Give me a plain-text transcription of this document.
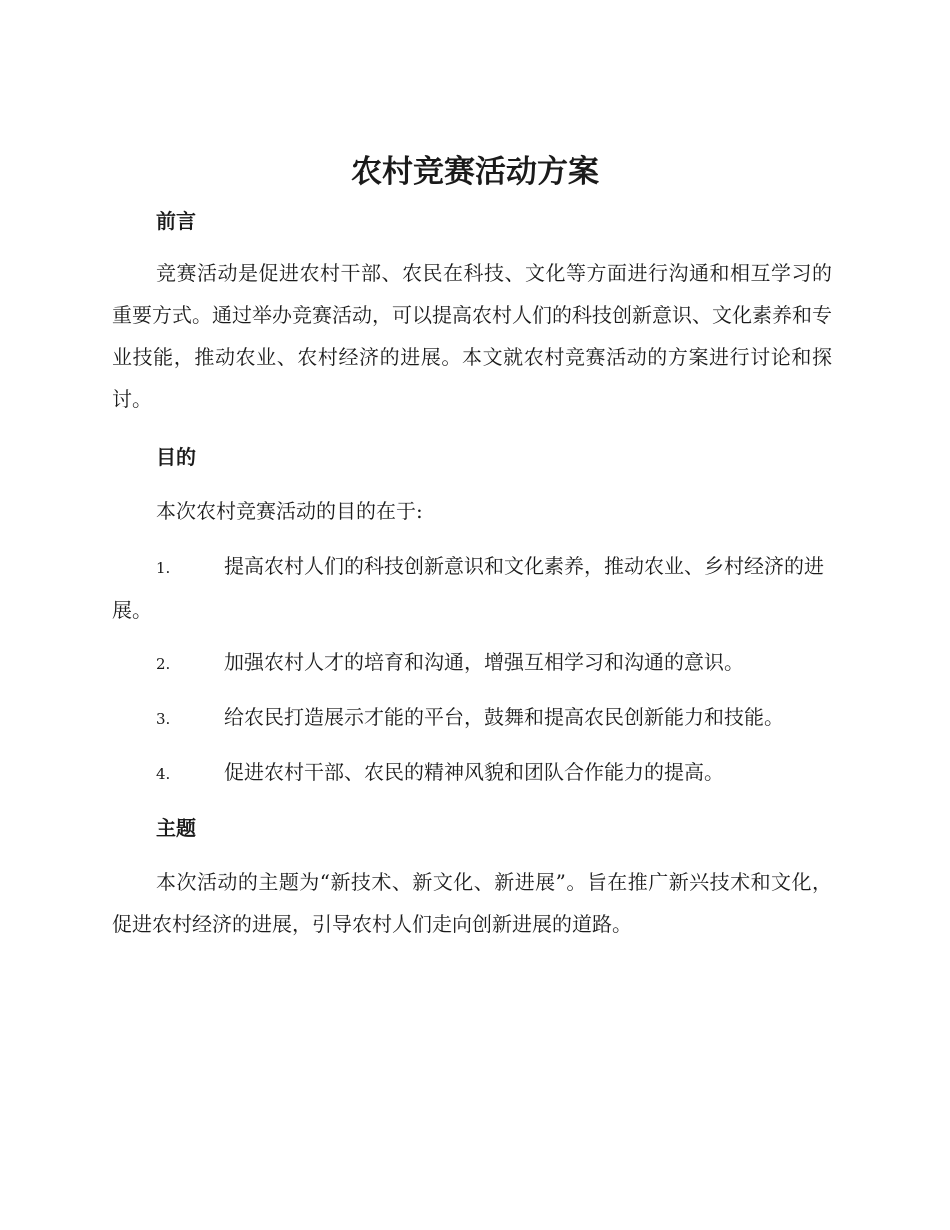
农村竞赛活动方案
前言

竞赛活动是促进农村干部、农民在科技、文化等方面进行沟通和相互学习的重要方式。通过举办竞赛活动，可以提高农村人们的科技创新意识、文化素养和专业技能，推动农业、农村经济的进展。本文就农村竞赛活动的方案进行讨论和探讨。

目的

本次农村竞赛活动的目的在于:

1.	提高农村人们的科技创新意识和文化素养，推动农业、乡村经济的进展。

2.	加强农村人才的培育和沟通，增强互相学习和沟通的意识。

3.	给农民打造展示才能的平台，鼓舞和提高农民创新能力和技能。

4.	促进农村干部、农民的精神风貌和团队合作能力的提高。

主题

本次活动的主题为“新技术、新文化、新进展”。旨在推广新兴技术和文化，促进农村经济的进展，引导农村人们走向创新进展的道路。
